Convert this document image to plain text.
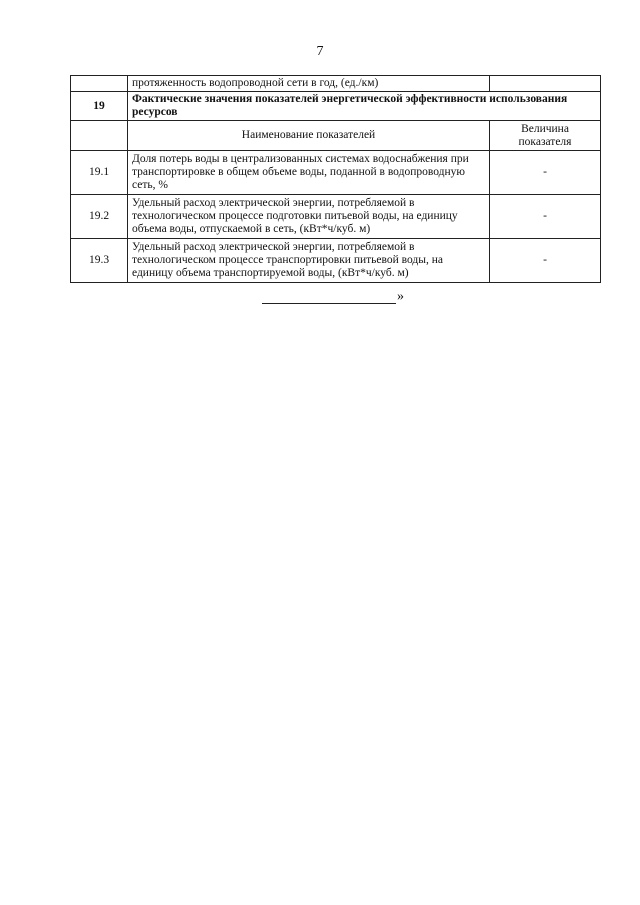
7
	протяженность водопроводной сети в год, (ед./км)	
19	Фактические значения показателей энергетической эффективности использования ресурсов	
	Наименование показателей	Величина показателя
19.1	Доля потерь воды в централизованных системах водоснабжения при транспортировке в общем объеме воды, поданной в водопроводную сеть, %	-
19.2	Удельный расход электрической энергии, потребляемой в технологическом процессе подготовки питьевой воды, на единицу объема воды, отпускаемой в сеть, (кВт*ч/куб. м)	-
19.3	Удельный расход электрической энергии, потребляемой в технологическом процессе транспортировки питьевой воды, на единицу объема транспортируемой воды, (кВт*ч/куб. м)	-
»
